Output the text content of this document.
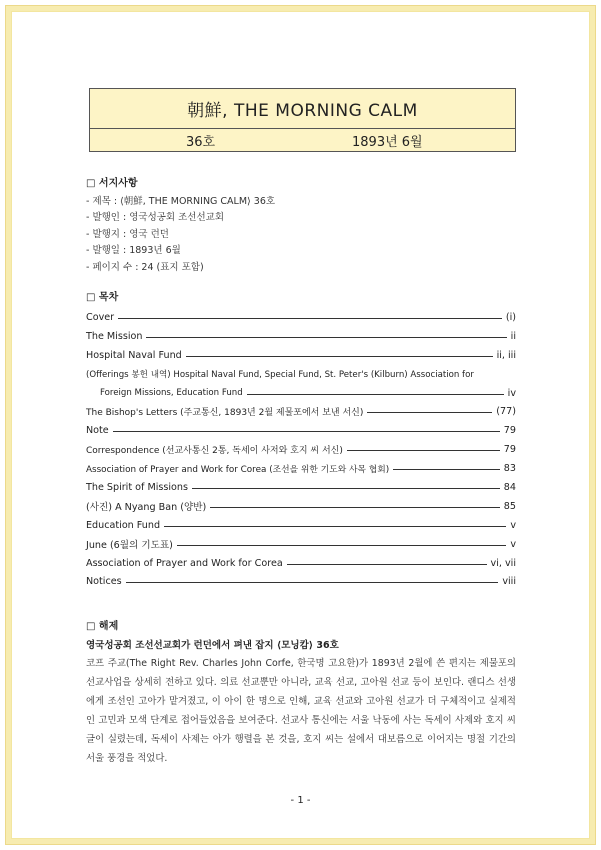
朝鮮, THE MORNING CALM
36호	1893년 6월
□ 서지사항
- 제목 : ⟨朝鮮, THE MORNING CALM⟩ 36호
- 발행인 : 영국성공회 조선선교회
- 발행지 : 영국 런던
- 발행일 : 1893년 6월
- 페이지 수 : 24 (표지 포함)
□ 목차
Cover	(i)
The Mission	ii
Hospital Naval Fund	ii, iii
(Offerings 봉헌 내역) Hospital Naval Fund, Special Fund, St. Peter's (Kilburn) Association for
Foreign Missions, Education Fund	iv
The Bishop's Letters (주교통신, 1893년 2월 제물포에서 보낸 서신)	(77)
Note	79
Correspondence (선교사통신 2통, 독세이 사저와 호지 씨 서신)	79
Association of Prayer and Work for Corea (조선을 위한 기도와 사목 협회)	83
The Spirit of Missions	84
(사진) A Nyang Ban (양반)	85
Education Fund	v
June (6월의 기도표)	v
Association of Prayer and Work for Corea	vi, vii
Notices	viii
□ 해제
영국성공회 조선선교회가 런던에서 펴낸 잡지 ⟨모닝캄⟩ 36호
코프 주교(The Right Rev. Charles John Corfe, 한국명 고요한)가 1893년 2월에 쓴 편지는 제물포의 선교사업을 상세히 전하고 있다. 의료 선교뿐만 아니라, 교육 선교, 고아원 선교 등이 보인다. 랜디스 선생에게 조선인 고아가 맡겨졌고, 이 아이 한 명으로 인해, 교육 선교와 고아원 선교가 더 구체적이고 실제적인 고민과 모색 단계로 접어들었음을 보여준다. 선교사 통신에는 서울 낙동에 사는 독세이 사제와 호지 씨 글이 실렸는데, 독세이 사제는 아가 행렬을 본 것을, 호지 씨는 설에서 대보름으로 이어지는 명절 기간의 서울 풍경을 적었다.
- 1 -
